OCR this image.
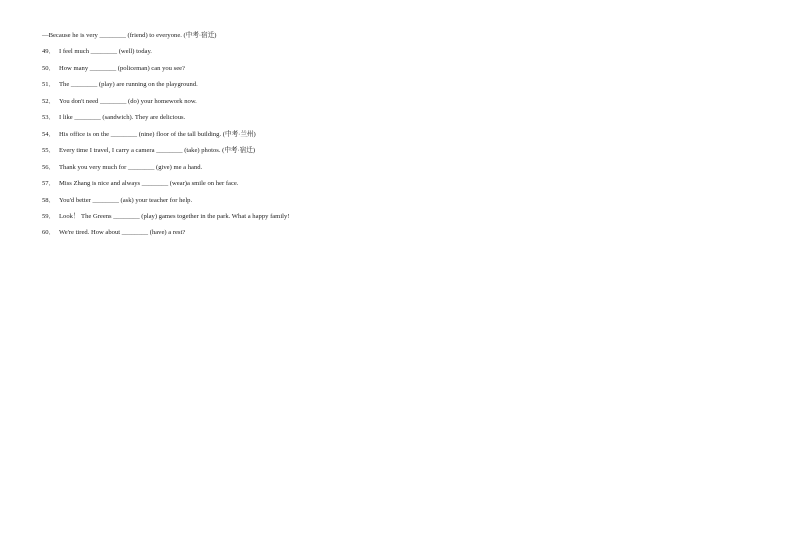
—Because he is very ________ (friend) to everyone. (中考·宿迁)
49． I feel much ________ (well) today.
50． How many ________ (policeman) can you see?
51． The ________ (play) are running on the playground.
52． You don't need ________ (do) your homework now.
53． I like ________ (sandwich). They are delicious.
54． His office is on the ________ (nine) floor of the tall building. (中考·兰州)
55． Every time I travel, I carry a camera ________ (take) photos. (中考·宿迁)
56． Thank you very much for ________ (give) me a hand.
57． Miss Zhang is nice and always ________ (wear)a smile on her face.
58． You'd better ________ (ask) your teacher for help.
59． Look！ The Greens ________ (play) games together in the park. What a happy family!
60． We're tired. How about ________ (have) a rest?
